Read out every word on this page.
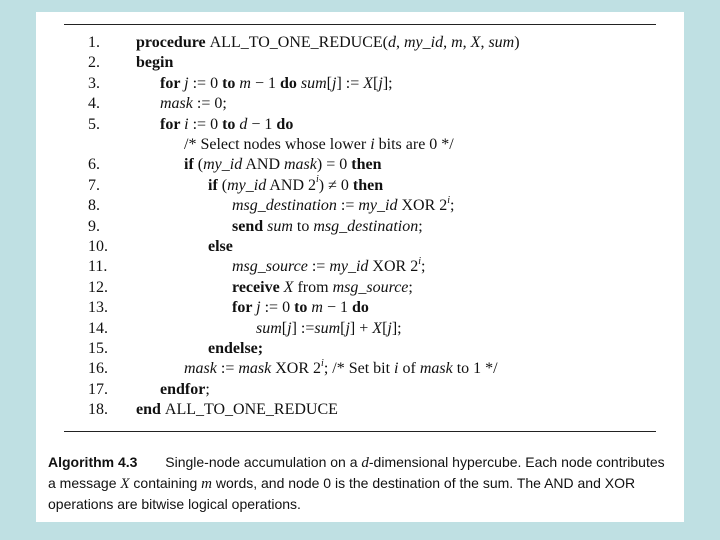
1.	procedure ALL_TO_ONE_REDUCE(d, my_id, m, X, sum)
2.	begin
3.	for j := 0 to m − 1 do sum[j] := X[j];
4.	mask := 0;
5.	for i := 0 to d − 1 do
/* Select nodes whose lower i bits are 0 */
6.	if (my_id AND mask) = 0 then
7.	if (my_id AND $2^i) \ne 0$ then
8.	msg_destination := my_id XOR 2$^i$;
9.	send sum to msg_destination;
10.	else
11.	msg_source := my_id XOR 2$^i$;
12.	receive X from msg_source;
13.	for j := 0 to m − 1 do
14.	sum[j] :=sum[j] + X[j];
15.	endelse;
16.	mask := mask XOR 2$^i$; /* Set bit i of mask to 1 */
17.	endfor;
18.	end ALL_TO_ONE_REDUCE
Algorithm 4.3 Single-node accumulation on a d-dimensional hypercube. Each node contributes a message X containing m words, and node 0 is the destination of the sum. The AND and XOR operations are bitwise logical operations.
